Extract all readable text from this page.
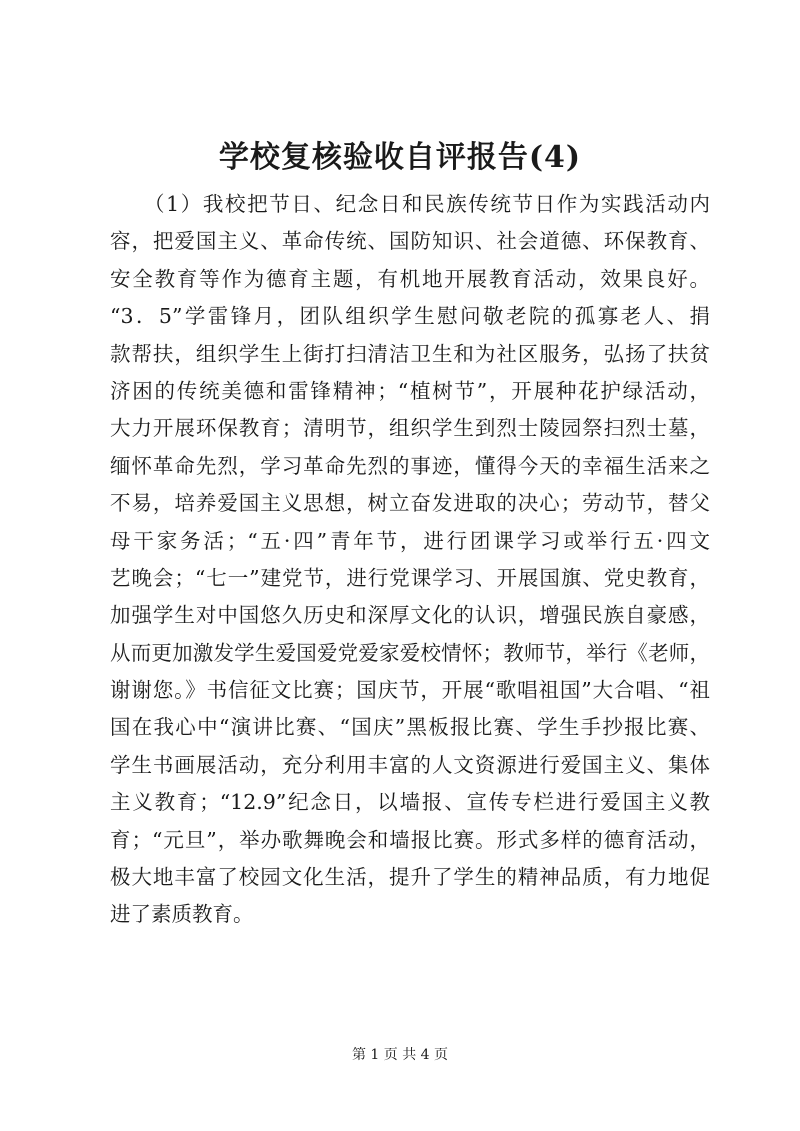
学校复核验收自评报告(4)
　　（1）我校把节日、纪念日和民族传统节日作为实践活动内
容，把爱国主义、革命传统、国防知识、社会道德、环保教育、
安全教育等作为德育主题，有机地开展教育活动，效果良好。
“3．5”学雷锋月，团队组织学生慰问敬老院的孤寡老人、捐
款帮扶，组织学生上街打扫清洁卫生和为社区服务，弘扬了扶贫
济困的传统美德和雷锋精神；“植树节”，开展种花护绿活动，
大力开展环保教育；清明节，组织学生到烈士陵园祭扫烈士墓，
缅怀革命先烈，学习革命先烈的事迹，懂得今天的幸福生活来之
不易，培养爱国主义思想，树立奋发进取的决心；劳动节，替父
母干家务活；“五·四”青年节，进行团课学习或举行五·四文
艺晚会；“七一”建党节，进行党课学习、开展国旗、党史教育，
加强学生对中国悠久历史和深厚文化的认识，增强民族自豪感，
从而更加激发学生爱国爱党爱家爱校情怀；教师节，举行《老师，
谢谢您。》书信征文比赛；国庆节，开展“歌唱祖国”大合唱、“祖
国在我心中“演讲比赛、“国庆”黑板报比赛、学生手抄报比赛、
学生书画展活动，充分利用丰富的人文资源进行爱国主义、集体
主义教育；“12.9”纪念日，以墙报、宣传专栏进行爱国主义教
育；“元旦”，举办歌舞晚会和墙报比赛。形式多样的德育活动，
极大地丰富了校园文化生活，提升了学生的精神品质，有力地促
进了素质教育。
第 1 页 共 4 页
